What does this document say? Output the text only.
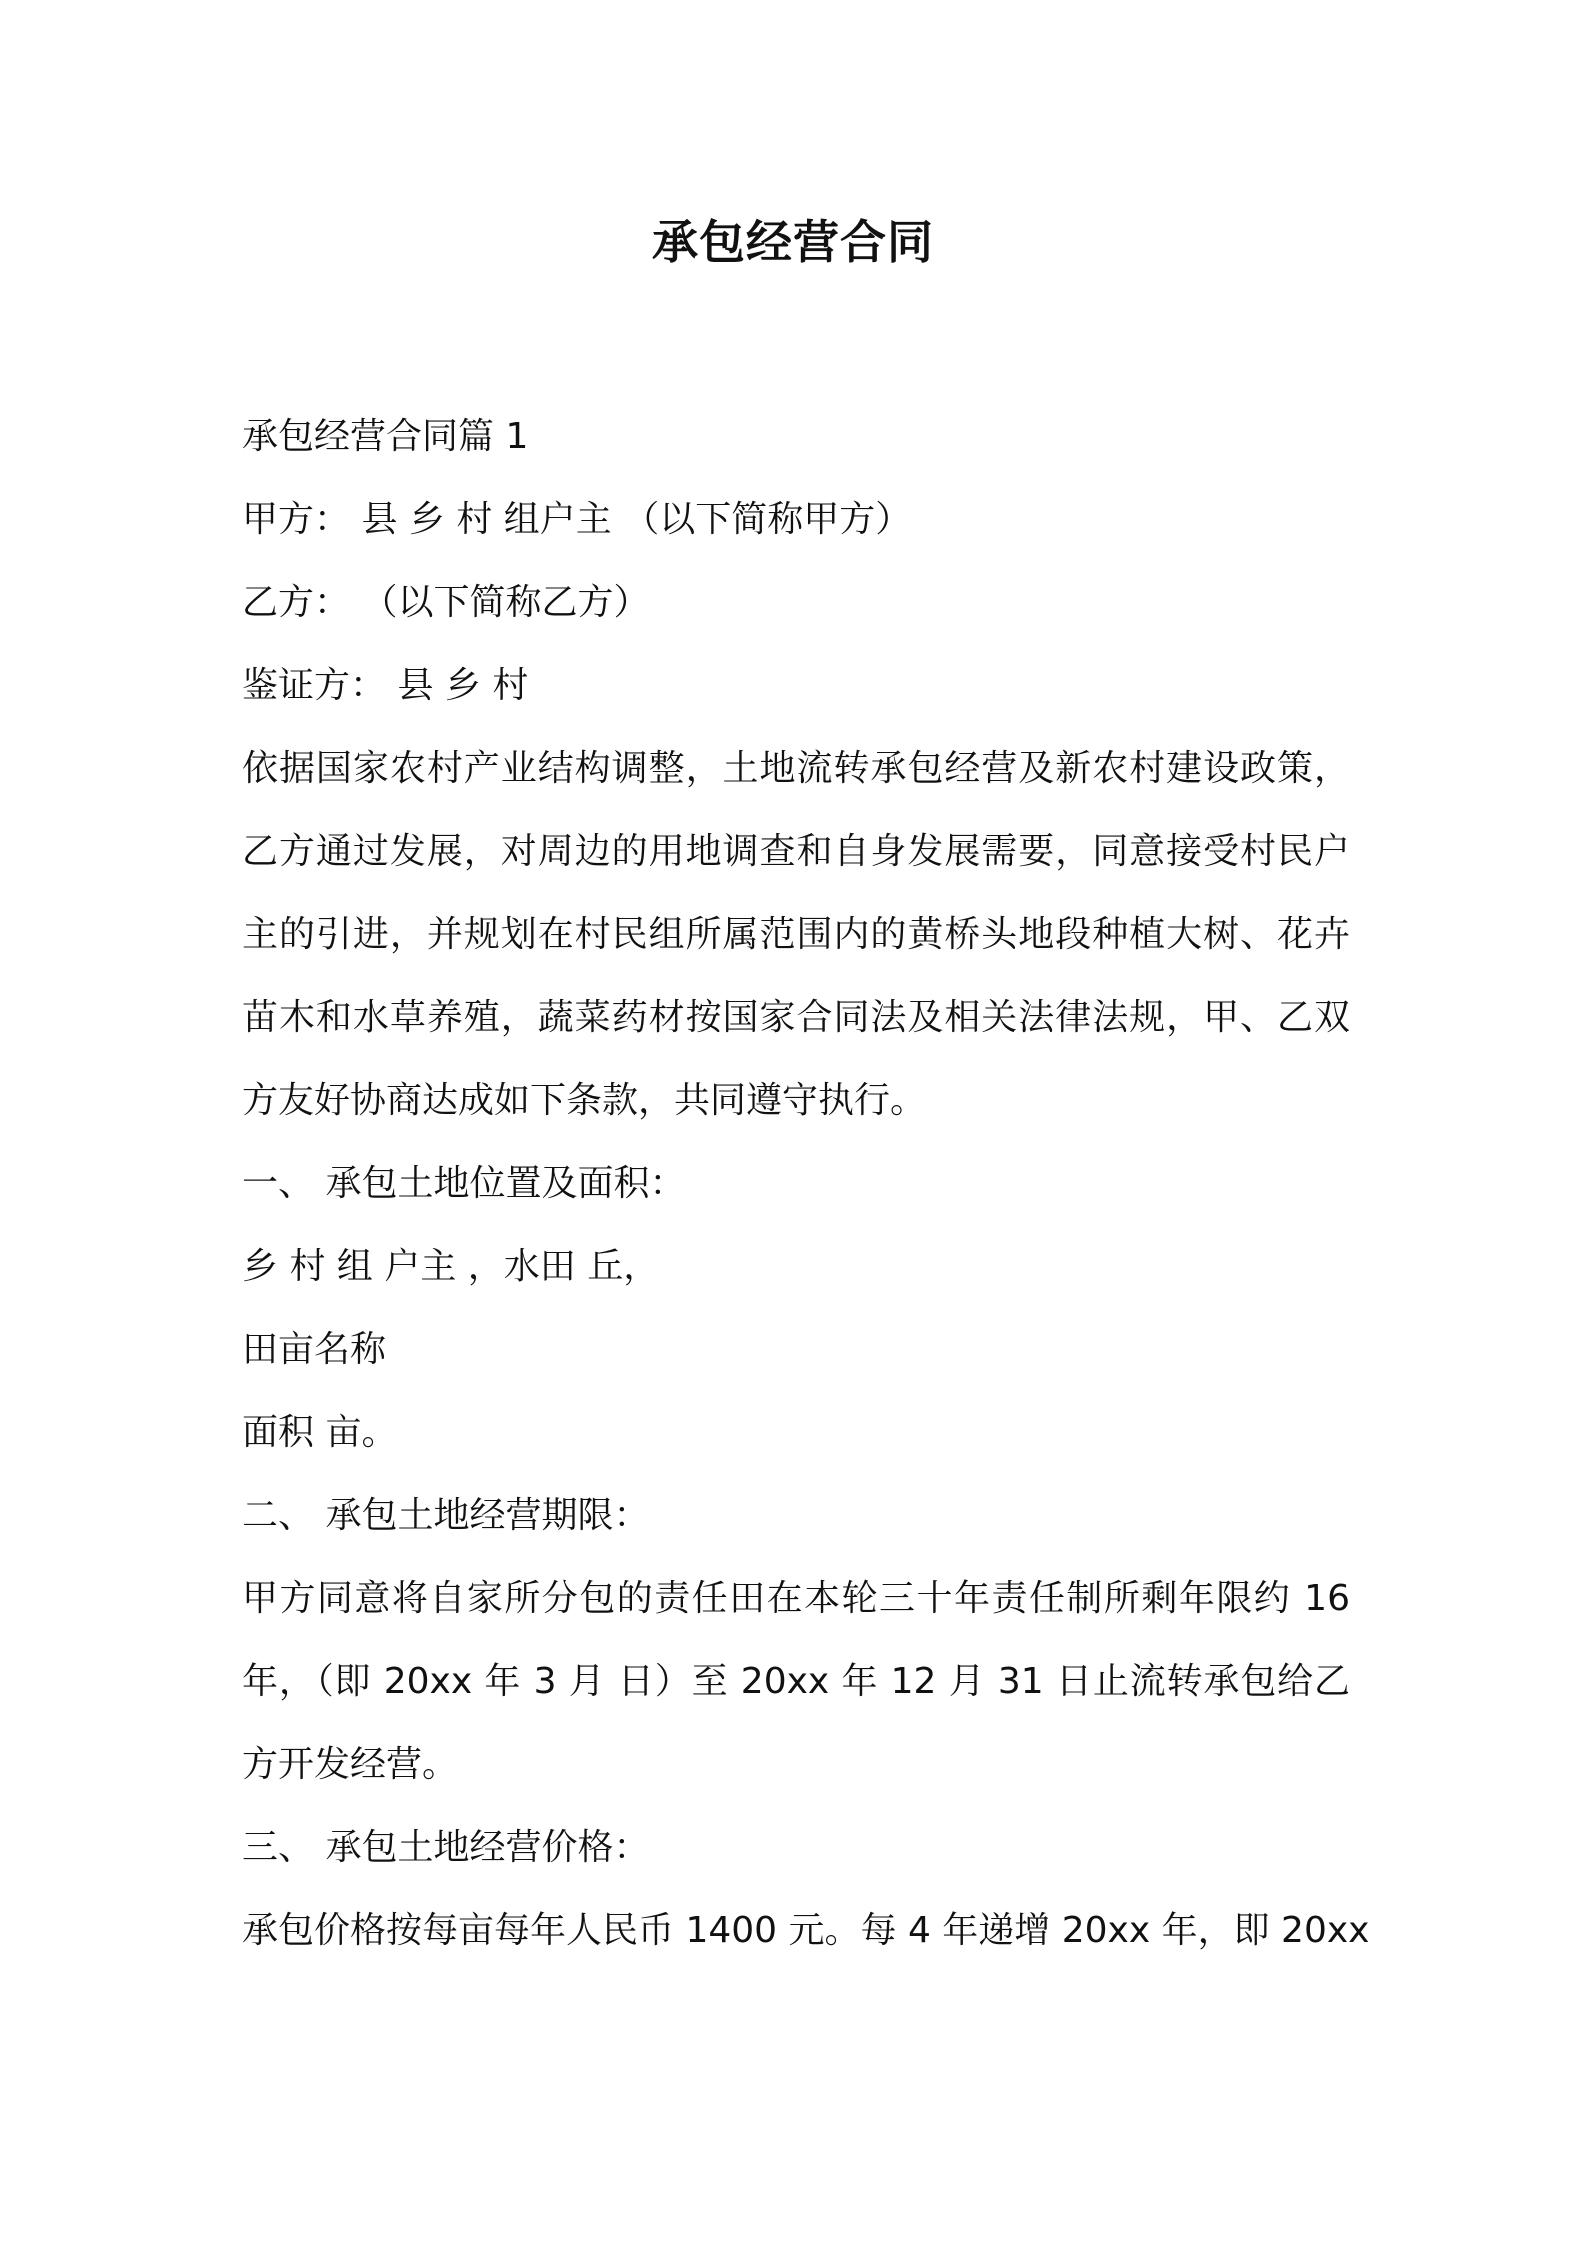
承包经营合同
承包经营合同篇 1
甲方： 县 乡 村 组户主 （以下简称甲方）
乙方： （以下简称乙方）
鉴证方： 县 乡 村
依据国家农村产业结构调整，土地流转承包经营及新农村建设政策，
乙方通过发展，对周边的用地调查和自身发展需要，同意接受村民户
主的引进，并规划在村民组所属范围内的黄桥头地段种植大树、花卉
苗木和水草养殖，蔬菜药材按国家合同法及相关法律法规，甲、乙双
方友好协商达成如下条款，共同遵守执行。
一、 承包土地位置及面积：
乡 村 组 户主 ，水田 丘，
田亩名称
面积 亩。
二、 承包土地经营期限：
甲方同意将自家所分包的责任田在本轮三十年责任制所剩年限约 16
年，（即 20xx 年 3 月 日）至 20xx 年 12 月 31 日止流转承包给乙
方开发经营。
三、 承包土地经营价格：
承包价格按每亩每年人民币 1400 元。每 4 年递增 20xx 年，即 20xx
